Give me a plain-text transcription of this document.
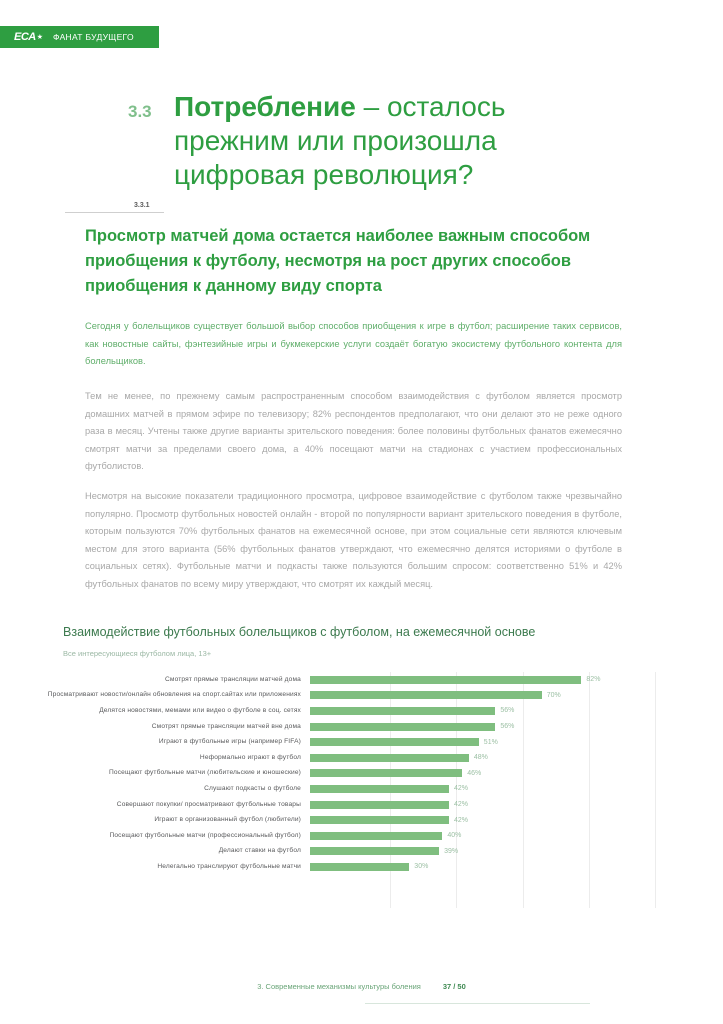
ECA ★ ФАНАТ БУДУЩЕГО
3.3 Потребление – осталось прежним или произошла цифровая революция?
3.3.1
Просмотр матчей дома остается наиболее важным способом приобщения к футболу, несмотря на рост других способов приобщения к данному виду спорта

Сегодня у болельщиков существует большой выбор способов приобщения к игре в футбол; расширение таких сервисов, как новостные сайты, фэнтезийные игры и букмекерские услуги создаёт богатую экосистему футбольного контента для болельщиков.

Тем не менее, по прежнему самым распространенным способом взаимодействия с футболом является просмотр домашних матчей в прямом эфире по телевизору; 82% респондентов предполагают, что они делают это не реже одного раза в месяц. Учтены также другие варианты зрительского поведения: более половины футбольных фанатов ежемесячно смотрят матчи за пределами своего дома, а 40% посещают матчи на стадионах с участием профессиональных футболистов.

Несмотря на высокие показатели традиционного просмотра, цифровое взаимодействие с футболом также чрезвычайно популярно. Просмотр футбольных новостей онлайн - второй по популярности вариант зрительского поведения в футболе, которым пользуются 70% футбольных фанатов на ежемесячной основе, при этом социальные сети являются ключевым местом для этого варианта (56% футбольных фанатов утверждают, что ежемесячно делятся историями о футболе в социальных сетях). Футбольные матчи и подкасты также пользуются большим спросом: соответственно 51% и 42% футбольных фанатов по всему миру утверждают, что смотрят их каждый месяц.

Взаимодействие футбольных болельщиков с футболом, на ежемесячной основе
Все интересующиеся футболом лица, 13+
Смотрят прямые трансляции матчей дома	82%
Просматривают новости/онлайн обновления на спорт.сайтах или приложениях	70%
Делятся новостями, мемами или видео о футболе в соц. сетях	56%
Смотрят прямые трансляции матчей вне дома	56%
Играют в футбольные игры (например FIFA)	51%
Неформально играют в футбол	48%
Посещают футбольные матчи (любительские и юношеские)	46%
Слушают подкасты о футболе	42%
Совершают покупки/ просматривают футбольные товары	42%
Играют в организованный футбол (любители)	42%
Посещают футбольные матчи (профессиональный футбол)	40%
Делают ставки на футбол	39%
Нелегально транслируют футбольные матчи	30%
3. Современные механизмы культуры боления	37 / 50
